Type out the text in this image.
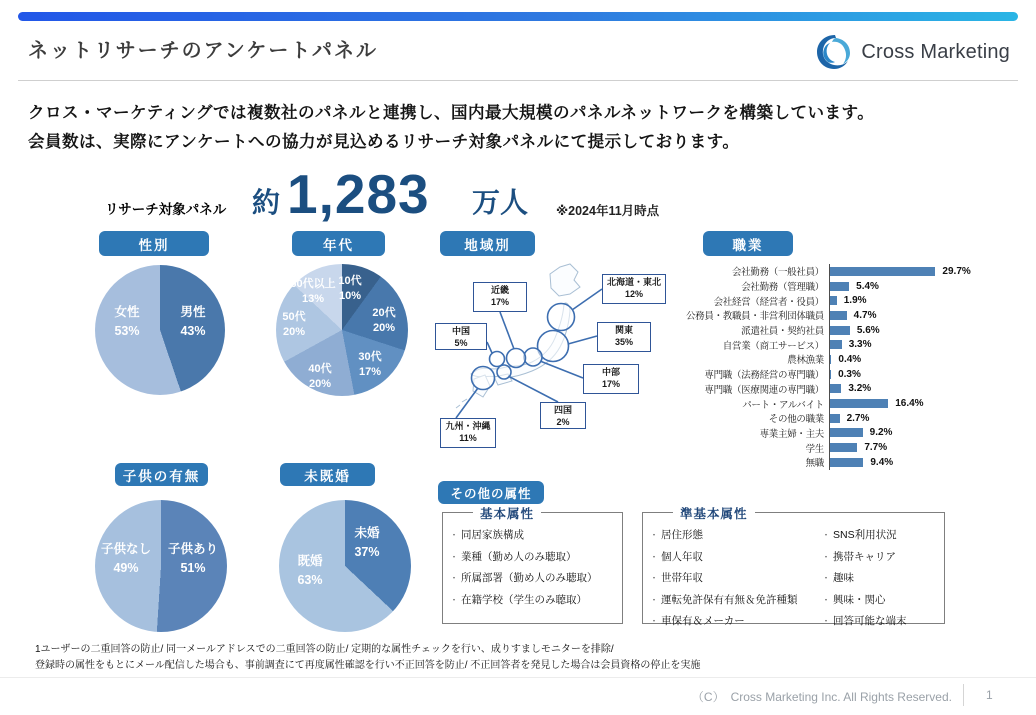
ネットリサーチのアンケートパネル	Cross Marketing
クロス・マーケティングでは複数社のパネルと連携し、国内最大規模のパネルネットワークを構築しています。
会員数は、実際にアンケートへの協力が見込めるリサーチ対象パネルにて提示しております。
リサーチ対象パネル 約 1,283 万人 ※2024年11月時点
性別	年代	地域別	職業
子供の有無	未既婚
その他の属性
男性
43%
女性
53%
10代
10%
20代
20%
30代
17%
40代
20%
50代
20%
60代以上
13%
北海道・東北
12%
関東
35%
中部
17%
近畿
17%
中国
5%
四国
2%
九州・沖縄
11%
会社勤務（一般社員）	29.7%
会社勤務（管理職）	5.4%
会社経営（経営者・役員）	1.9%
公務員・教職員・非営利団体職員	4.7%
派遣社員・契約社員	5.6%
自営業（商工サービス）	3.3%
農林漁業	0.4%
専門職（法務経営の専門職）	0.3%
専門職（医療関連の専門職）	3.2%
パート・アルバイト	16.4%
その他の職業	2.7%
専業主婦・主夫	9.2%
学生	7.7%
無職	9.4%
子供あり
51%
子供なし
49%
未婚
37%
既婚
63%
基本属性
・ 同居家族構成
・ 業種（勤め人のみ聴取）
・ 所属部署（勤め人のみ聴取）
・ 在籍学校（学生のみ聴取）
準基本属性
・ 居住形態
・ 個人年収
・ 世帯年収
・ 運転免許保有有無＆免許種類
・ 車保有＆メーカー
・ SNS利用状況
・ 携帯キャリア
・ 趣味
・ 興味・関心
・ 回答可能な端末
1ユーザーの二重回答の防止/ 同一メールアドレスでの二重回答の防止/ 定期的な属性チェックを行い、成りすましモニターを排除/
登録時の属性をもとにメール配信した場合も、事前調査にて再度属性確認を行い不正回答を防止/ 不正回答者を発見した場合は会員資格の停止を実施
（C）　Cross Marketing Inc. All Rights Reserved.	1
